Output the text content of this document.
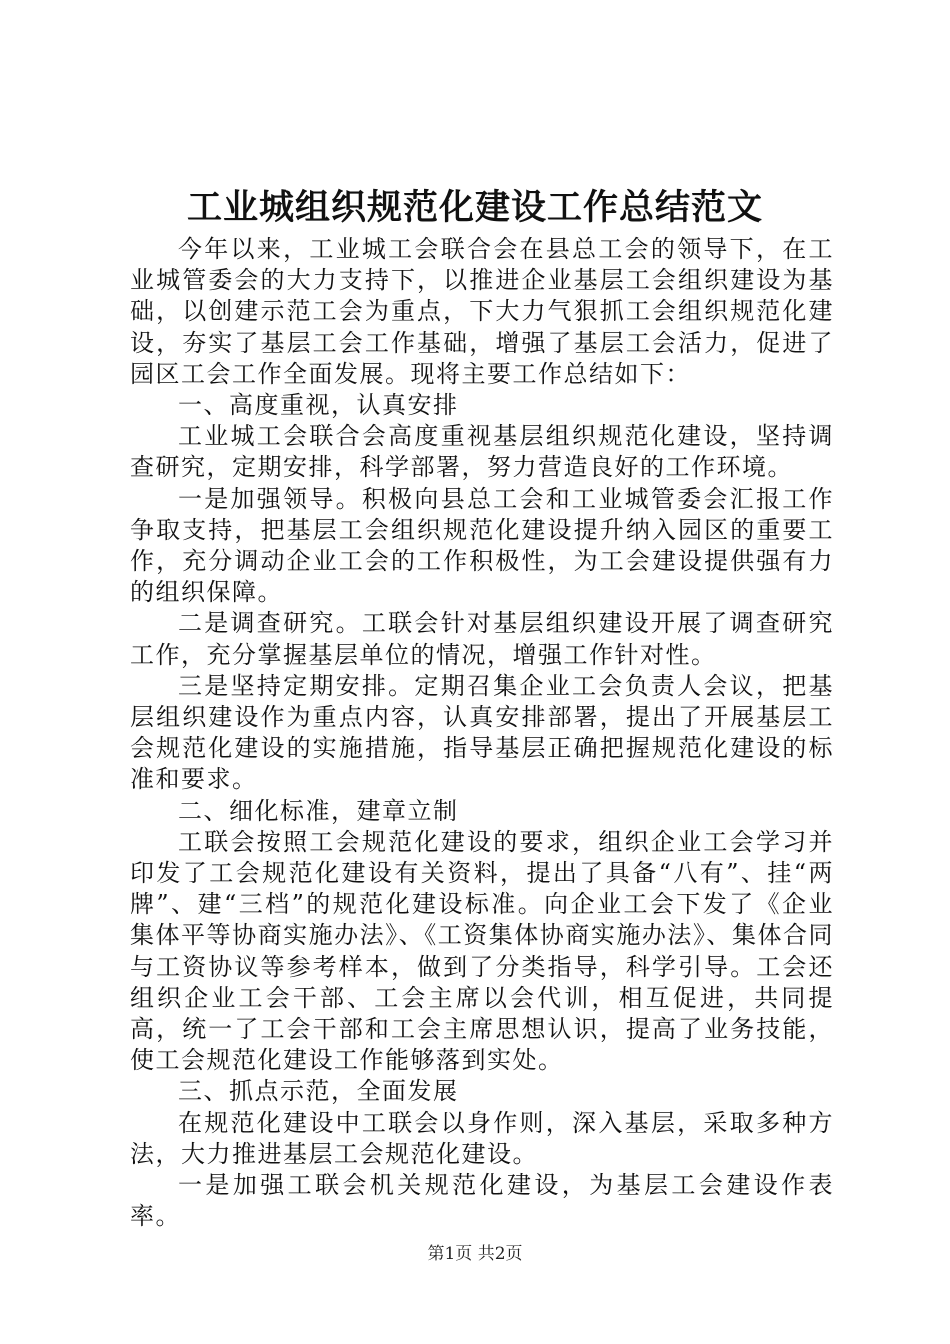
工业城组织规范化建设工作总结范文

今年以来，工业城工会联合会在县总工会的领导下，在工业城管委会的大力支持下，以推进企业基层工会组织建设为基础，以创建示范工会为重点，下大力气狠抓工会组织规范化建设，夯实了基层工会工作基础，增强了基层工会活力，促进了园区工会工作全面发展。现将主要工作总结如下：

一、高度重视，认真安排

工业城工会联合会高度重视基层组织规范化建设，坚持调查研究，定期安排，科学部署，努力营造良好的工作环境。

一是加强领导。积极向县总工会和工业城管委会汇报工作争取支持，把基层工会组织规范化建设提升纳入园区的重要工作，充分调动企业工会的工作积极性，为工会建设提供强有力的组织保障。

二是调查研究。工联会针对基层组织建设开展了调查研究工作，充分掌握基层单位的情况，增强工作针对性。

三是坚持定期安排。定期召集企业工会负责人会议，把基层组织建设作为重点内容，认真安排部署，提出了开展基层工会规范化建设的实施措施，指导基层正确把握规范化建设的标准和要求。

二、细化标准，建章立制

工联会按照工会规范化建设的要求，组织企业工会学习并印发了工会规范化建设有关资料，提出了具备“八有”、挂“两牌”、建“三档”的规范化建设标准。向企业工会下发了《企业集体平等协商实施办法》、《工资集体协商实施办法》、集体合同与工资协议等参考样本，做到了分类指导，科学引导。工会还组织企业工会干部、工会主席以会代训，相互促进，共同提高，统一了工会干部和工会主席思想认识，提高了业务技能，使工会规范化建设工作能够落到实处。

三、抓点示范，全面发展

在规范化建设中工联会以身作则，深入基层，采取多种方法，大力推进基层工会规范化建设。

一是加强工联会机关规范化建设，为基层工会建设作表率。

第1页 共2页
